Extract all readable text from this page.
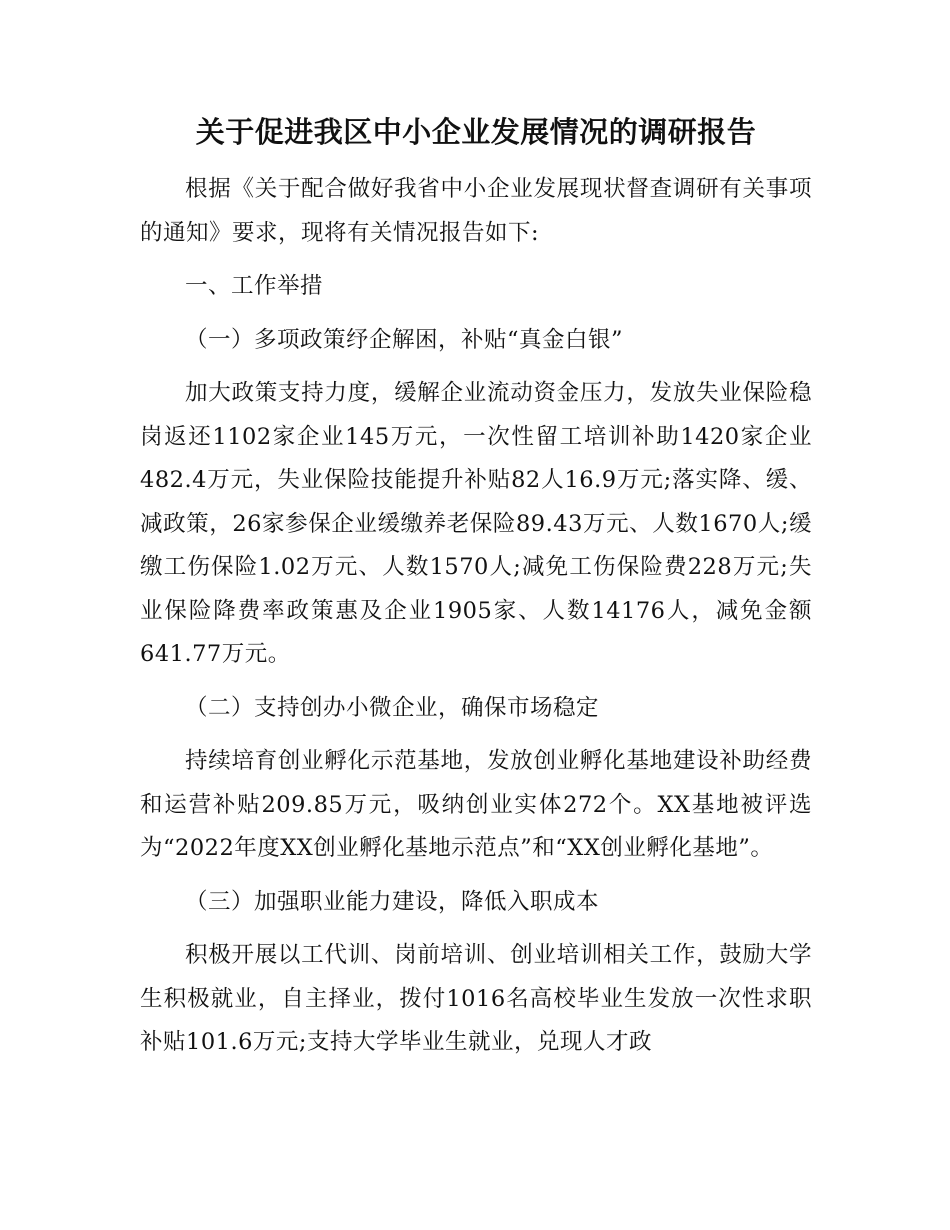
关于促进我区中小企业发展情况的调研报告

根据《关于配合做好我省中小企业发展现状督查调研有关事项的通知》要求，现将有关情况报告如下:

一、工作举措

（一）多项政策纾企解困，补贴“真金白银”

加大政策支持力度，缓解企业流动资金压力，发放失业保险稳岗返还1102家企业145万元，一次性留工培训补助1420家企业482.4万元，失业保险技能提升补贴82人16.9万元;落实降、缓、减政策，26家参保企业缓缴养老保险89.43万元、人数1670人;缓缴工伤保险1.02万元、人数1570人;减免工伤保险费228万元;失业保险降费率政策惠及企业1905家、人数14176人，减免金额641.77万元。

（二）支持创办小微企业，确保市场稳定

持续培育创业孵化示范基地，发放创业孵化基地建设补助经费和运营补贴209.85万元，吸纳创业实体272个。XX基地被评选为“2022年度XX创业孵化基地示范点”和“XX创业孵化基地”。

（三）加强职业能力建设，降低入职成本

积极开展以工代训、岗前培训、创业培训相关工作，鼓励大学生积极就业，自主择业，拨付1016名高校毕业生发放一次性求职补贴101.6万元;支持大学毕业生就业，兑现人才政
